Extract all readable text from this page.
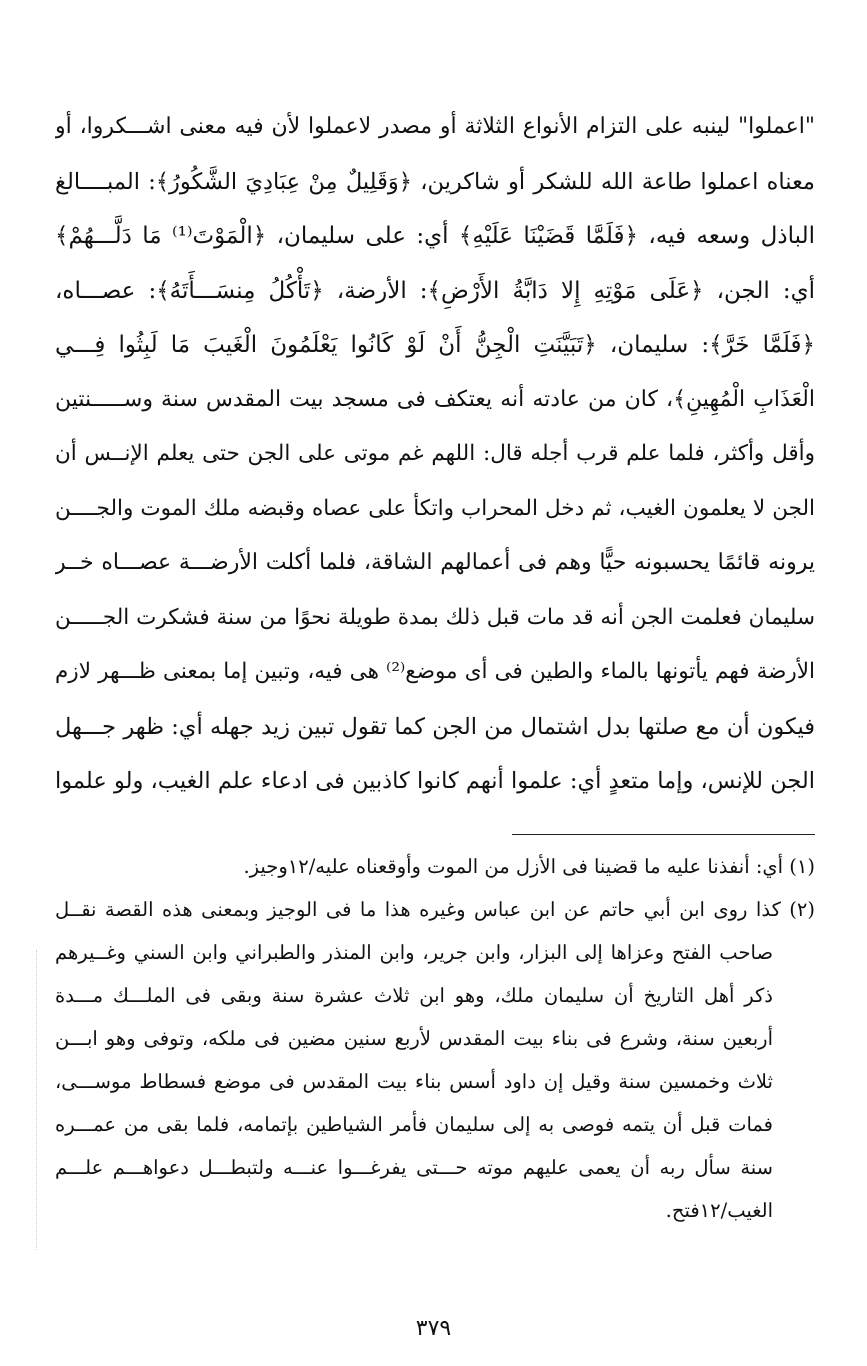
"اعملوا" لينبه على التزام الأنواع الثلاثة أو مصدر لاعملوا لأن فيه معنى اشـــكروا، أو
معناه اعملوا طاعة الله للشكر أو شاكرين، ﴿وَقَلِيلٌ مِنْ عِبَادِيَ الشَّكُورُ﴾: المبــــالغ
الباذل وسعه فيه، ﴿فَلَمَّا قَضَيْنَا عَلَيْهِ﴾ أي: على سليمان، ﴿الْمَوْتَ⁽¹⁾ مَا دَلَّـــهُمْ﴾
أي: الجن، ﴿عَلَى مَوْتِهِ إِلا دَابَّةُ الأَرْضِ﴾: الأرضة، ﴿تَأْكُلُ مِنسَـــأَتَهُ﴾: عصـــاه،
﴿فَلَمَّا خَرَّ﴾: سليمان، ﴿تَبَيَّنَتِ الْجِنُّ أَنْ لَوْ كَانُوا يَعْلَمُونَ الْغَيبَ مَا لَبِثُوا فِـــي
الْعَذَابِ الْمُهِينِ﴾، كان من عادته أنه يعتكف فى مسجد بيت المقدس سنة وســـــنتين
وأقل وأكثر، فلما علم قرب أجله قال: اللهم غم موتى على الجن حتى يعلم الإنــس أن
الجن لا يعلمون الغيب، ثم دخل المحراب واتكأ على عصاه وقبضه ملك الموت والجــــن
يرونه قائمًا يحسبونه حيًّا وهم فى أعمالهم الشاقة، فلما أكلت الأرضـــة عصـــاه خــر
سليمان فعلمت الجن أنه قد مات قبل ذلك بمدة طويلة نحوًا من سنة فشكرت الجـــــن
الأرضة فهم يأتونها بالماء والطين فى أى موضع⁽²⁾ هى فيه، وتبين إما بمعنى ظـــهر لازم
فيكون أن مع صلتها بدل اشتمال من الجن كما تقول تبين زيد جهله أي: ظهر جـــهل
الجن للإنس، وإما متعدٍ أي: علموا أنهم كانوا كاذبين فى ادعاء علم الغيب، ولو علموا
(١) أي: أنفذنا عليه ما قضينا فى الأزل من الموت وأوقعناه عليه/١٢وجيز.
(٢) كذا روى ابن أبي حاتم عن ابن عباس وغيره هذا ما فى الوجيز وبمعنى هذه القصة نقــل
صاحب الفتح وعزاها إلى البزار، وابن جرير، وابن المنذر والطبراني وابن السني وغــيرهم
ذكر أهل التاريخ أن سليمان ملك، وهو ابن ثلاث عشرة سنة وبقى فى الملـــك مـــدة
أربعين سنة، وشرع فى بناء بيت المقدس لأربع سنين مضين فى ملكه، وتوفى وهو ابـــن
ثلاث وخمسين سنة وقيل إن داود أسس بناء بيت المقدس فى موضع فسطاط موســـى،
فمات قبل أن يتمه فوصى به إلى سليمان فأمر الشياطين بإتمامه، فلما بقى من عمـــره
سنة سأل ربه أن يعمى عليهم موته حـــتى يفرغـــوا عنـــه ولتبطـــل دعواهـــم علـــم
الغيب/١٢فتح.
٣٧٩
